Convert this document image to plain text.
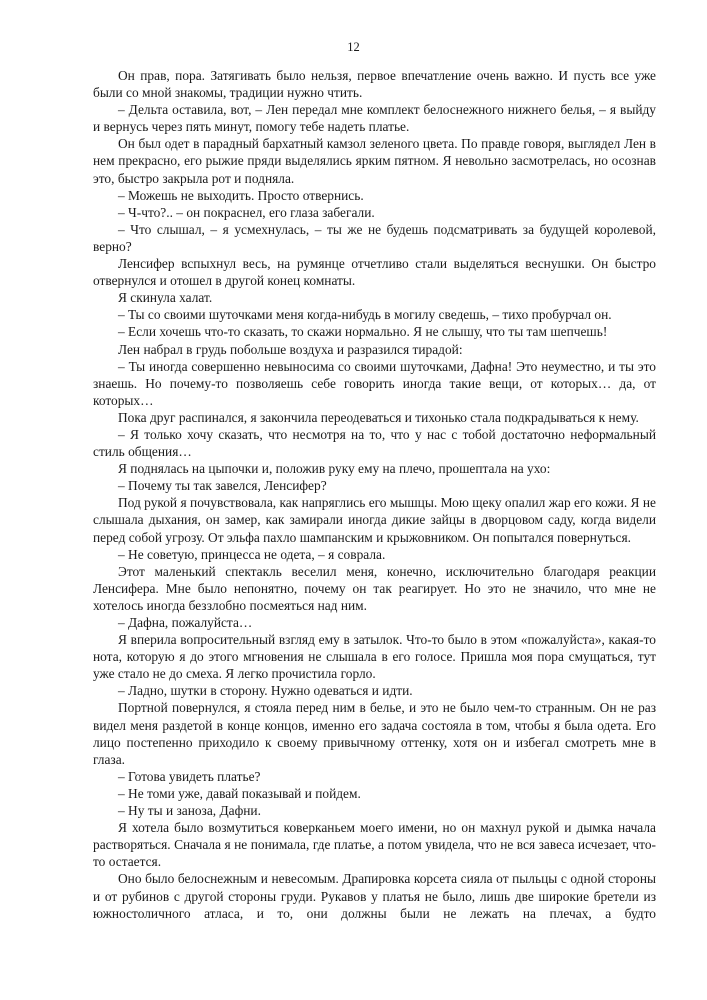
12

Он прав, пора. Затягивать было нельзя, первое впечатление очень важно. И пусть все уже были со мной знакомы, традиции нужно чтить.

– Дельта оставила, вот, – Лен передал мне комплект белоснежного нижнего белья, – я выйду и вернусь через пять минут, помогу тебе надеть платье.

Он был одет в парадный бархатный камзол зеленого цвета. По правде говоря, выглядел Лен в нем прекрасно, его рыжие пряди выделялись ярким пятном. Я невольно засмотрелась, но осознав это, быстро закрыла рот и подняла.

– Можешь не выходить. Просто отвернись.

– Ч-что?.. – он покраснел, его глаза забегали.

– Что слышал, – я усмехнулась, – ты же не будешь подсматривать за будущей королевой, верно?

Ленсифер вспыхнул весь, на румянце отчетливо стали выделяться веснушки. Он быстро отвернулся и отошел в другой конец комнаты.

Я скинула халат.

– Ты со своими шуточками меня когда-нибудь в могилу сведешь, – тихо пробурчал он.

– Если хочешь что-то сказать, то скажи нормально. Я не слышу, что ты там шепчешь!

Лен набрал в грудь побольше воздуха и разразился тирадой:

– Ты иногда совершенно невыносима со своими шуточками, Дафна! Это неуместно, и ты это знаешь. Но почему-то позволяешь себе говорить иногда такие вещи, от которых… да, от которых…

Пока друг распинался, я закончила переодеваться и тихонько стала подкрадываться к нему.

– Я только хочу сказать, что несмотря на то, что у нас с тобой достаточно неформальный стиль общения…

Я поднялась на цыпочки и, положив руку ему на плечо, прошептала на ухо:

– Почему ты так завелся, Ленсифер?

Под рукой я почувствовала, как напряглись его мышцы. Мою щеку опалил жар его кожи. Я не слышала дыхания, он замер, как замирали иногда дикие зайцы в дворцовом саду, когда видели перед собой угрозу. От эльфа пахло шампанским и крыжовником. Он попытался повернуться.

– Не советую, принцесса не одета, – я соврала.

Этот маленький спектакль веселил меня, конечно, исключительно благодаря реакции Ленсифера. Мне было непонятно, почему он так реагирует. Но это не значило, что мне не хотелось иногда беззлобно посмеяться над ним.

– Дафна, пожалуйста…

Я вперила вопросительный взгляд ему в затылок. Что-то было в этом «пожалуйста», какая-то нота, которую я до этого мгновения не слышала в его голосе. Пришла моя пора смущаться, тут уже стало не до смеха. Я легко прочистила горло.

– Ладно, шутки в сторону. Нужно одеваться и идти.

Портной повернулся, я стояла перед ним в белье, и это не было чем-то странным. Он не раз видел меня раздетой в конце концов, именно его задача состояла в том, чтобы я была одета. Его лицо постепенно приходило к своему привычному оттенку, хотя он и избегал смотреть мне в глаза.

– Готова увидеть платье?

– Не томи уже, давай показывай и пойдем.

– Ну ты и заноза, Дафни.

Я хотела было возмутиться коверканьем моего имени, но он махнул рукой и дымка начала растворяться. Сначала я не понимала, где платье, а потом увидела, что не вся завеса исчезает, что-то остается.

Оно было белоснежным и невесомым. Драпировка корсета сияла от пыльцы с одной стороны и от рубинов с другой стороны груди. Рукавов у платья не было, лишь две широкие бретели из южностоличного атласа, и то, они должны были не лежать на плечах, а будто
